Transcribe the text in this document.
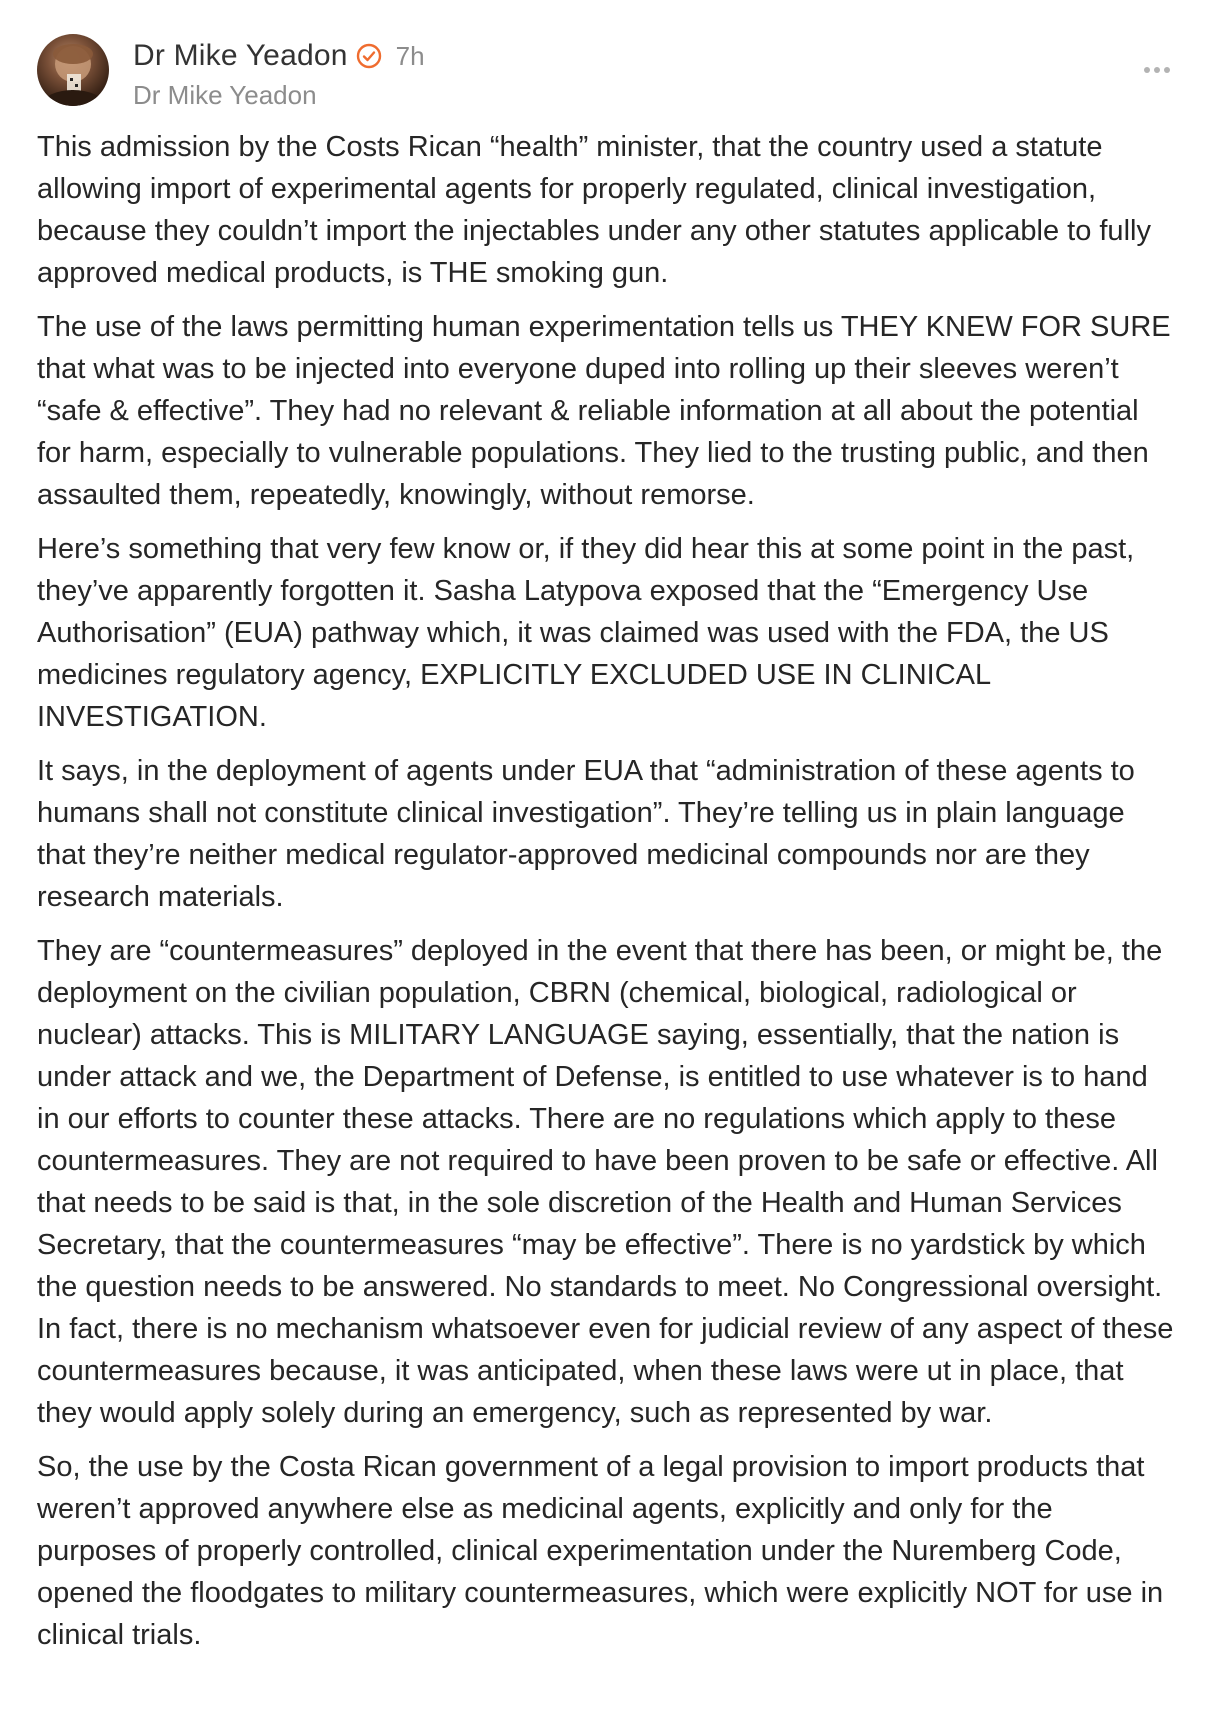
Dr Mike Yeadon 7h
Dr Mike Yeadon

This admission by the Costs Rican “health” minister, that the country used a statute allowing import of experimental agents for properly regulated, clinical investigation, because they couldn’t import the injectables under any other statutes applicable to fully approved medical products, is THE smoking gun.

The use of the laws permitting human experimentation tells us THEY KNEW FOR SURE that what was to be injected into everyone duped into rolling up their sleeves weren’t “safe & effective”. They had no relevant & reliable information at all about the potential for harm, especially to vulnerable populations. They lied to the trusting public, and then assaulted them, repeatedly, knowingly, without remorse.

Here’s something that very few know or, if they did hear this at some point in the past, they’ve apparently forgotten it. Sasha Latypova exposed that the “Emergency Use Authorisation” (EUA) pathway which, it was claimed was used with the FDA, the US medicines regulatory agency, EXPLICITLY EXCLUDED USE IN CLINICAL INVESTIGATION.

It says, in the deployment of agents under EUA that “administration of these agents to humans shall not constitute clinical investigation”. They’re telling us in plain language that they’re neither medical regulator-approved medicinal compounds nor are they research materials.

They are “countermeasures” deployed in the event that there has been, or might be, the deployment on the civilian population, CBRN (chemical, biological, radiological or nuclear) attacks. This is MILITARY LANGUAGE saying, essentially, that the nation is under attack and we, the Department of Defense, is entitled to use whatever is to hand in our efforts to counter these attacks. There are no regulations which apply to these countermeasures. They are not required to have been proven to be safe or effective. All that needs to be said is that, in the sole discretion of the Health and Human Services Secretary, that the countermeasures “may be effective”. There is no yardstick by which the question needs to be answered. No standards to meet. No Congressional oversight. In fact, there is no mechanism whatsoever even for judicial review of any aspect of these countermeasures because, it was anticipated, when these laws were ut in place, that they would apply solely during an emergency, such as represented by war.

So, the use by the Costa Rican government of a legal provision to import products that weren’t approved anywhere else as medicinal agents, explicitly and only for the purposes of properly controlled, clinical experimentation under the Nuremberg Code, opened the floodgates to military countermeasures, which were explicitly NOT for use in clinical trials.
